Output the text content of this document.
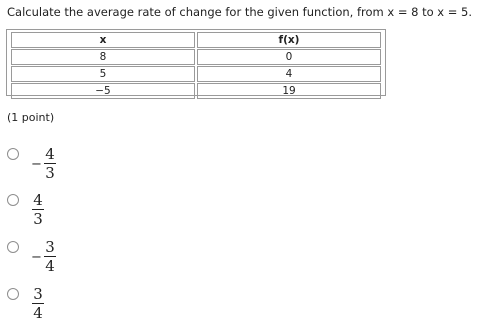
Calculate the average rate of change for the given function, from x = 8 to x = 5.
x	f(x)
8	0
5	4
−5	19
(1 point)
−
4
3
4
3
−
3
4
3
4
